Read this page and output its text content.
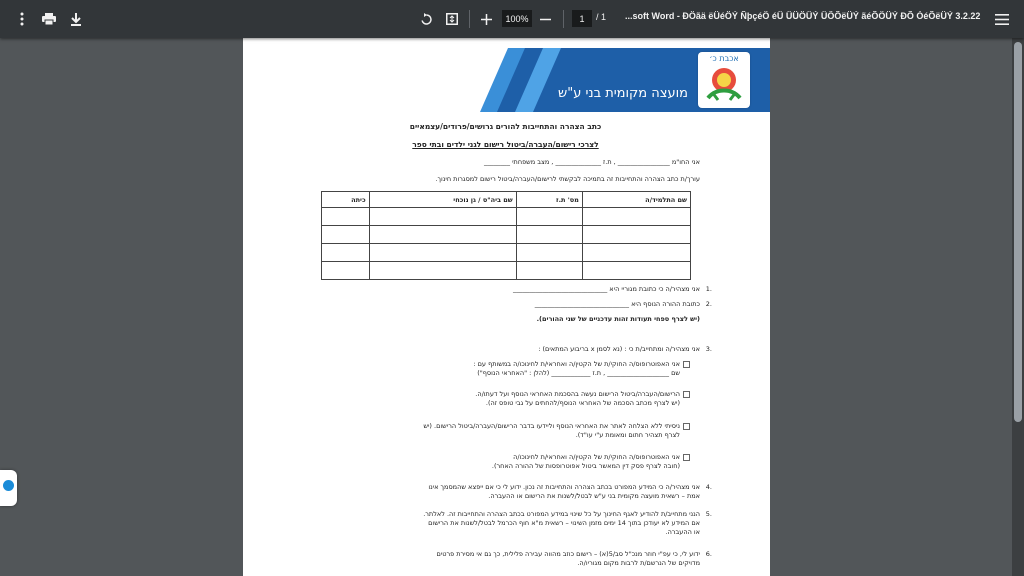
100%	1	/ 1 ...soft Word - ÐÖãä ëÜéÖÝ ÑþçéÖ éÜ ÜÜÖÜÝ ÜÔÕëÜÝ ãéÕÖÜÝ ÐÕ ÒéÕëÜÝ 3.2.22
מועצה מקומית בני ע"ש
אכבת כ׳
כתב הצהרה והתחייבות להורים גרושים/פרודים/עצמאיים
לצרכי רישום/העברה/ביטול רישום לגני ילדים ובתי ספר
אני החו"מ ________________ , ת.ז ______________ , מצב משפחתי ________
עורך/ת כתב הצהרה והתחייבות זה בתמיכה לבקשתי לרישום/העברה/ביטול רישום למסגרות חינוך.
שם התלמיד/ה	מס' ת.ז	שם ביה"ס / גן נוכחי	כיתה

1.
אני מצהיר/ה כי כתובת מגוריי היא _____________________________
2.
כתובת ההורה הנוסף היא _____________________________
(יש לצרף ספחי תעודות זהות עדכניים של שני ההורים).
3.
אני מצהיר/ה ומתחייב/ת כי : (נא לסמן x בריבוע המתאים) :
אני האפוטרופוס/ה החוקי/ת של הקטין/ה ואחראי/ת לחינוכו/ה במשותף עם :
שם ___________________ , ת.ז ____________ (להלן : "האחראי הנוסף")
הרישום/העברה/ביטול הרישום נעשה בהסכמת האחראי הנוסף ועל דעתו/ה.
(יש לצרף מכתב הסכמה של האחראי הנוסף/להחתים על גבי טופס זה).
ניסיתי ללא הצלחה לאתר את האחראי הנוסף וליידעו בדבר הרישום/העברה/ביטול הרישום. (יש
לצרף תצהיר חתום ומאומת ע"י עו"ד).
אני האפוטרופוס/ה החוקי/ת של הקטין/ה ואחראי/ת לחינוכו/ה
(חובה לצרף פסק דין המאשר ביטול אפוטרופסות של ההורה האחר).
4.
אני מצהיר/ה כי המידע המפורט בכתב הצהרה והתחייבות זה נכון. ידוע לי כי אם ייפצא שהמסמך אינו
אמת – רשאית מועצה מקומית בני ע"ש לבטל/לשנות את הרישום או ההעברה.
5.
הנני מתחייב/ת להודיע לאגף החינוך על כל שינוי במידע המפורט בכתב הצהרה והתחייבות זה. לאלתר.
אם המידע לא יעודכן בתוך 14 ימים מזמן השינוי – רשאית מ"א חוף הכרמל לבטל/לשנות את הרישום
או ההעברה.
6.
ידוע לי, כי עפ"י חוזר מנכ"ל סב/5(א) – רישום כוזב מהווה עבירה פלילית, כך גם אי מסירת פרטים
מדויקים של הנרשם/ת לרבות מקום מגוריו/ה.
